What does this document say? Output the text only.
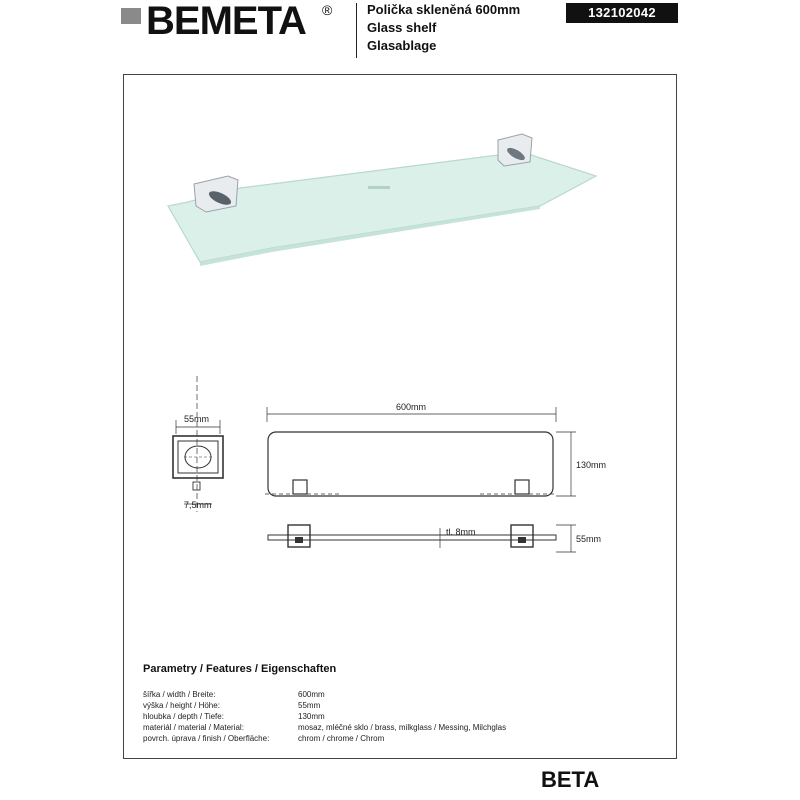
BEMETA ®	Polička skleněná 600mm
Glass shelf
Glasablage
132102042
55mm
7,5mm
600mm
130mm
tl. 8mm
55mm
Parametry / Features / Eigenschaften
šířka / width / Breite:	600mm
výška / height / Höhe:	55mm
hloubka / depth / Tiefe:	130mm
materiál / material / Material:	mosaz, mléčné sklo / brass, milkglass / Messing, Milchglas
povrch. úprava / finish / Oberfläche:	chrom / chrome / Chrom
BETA
